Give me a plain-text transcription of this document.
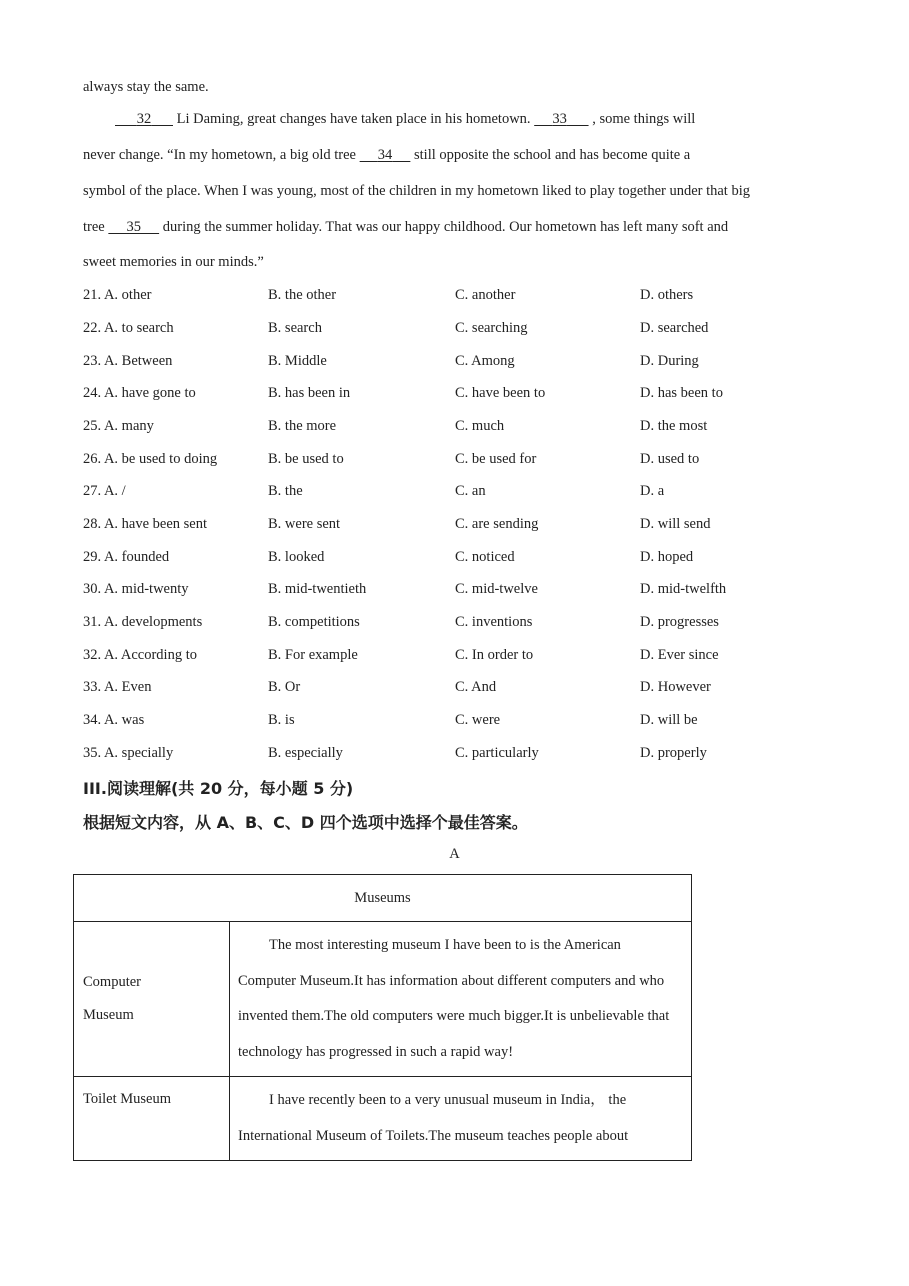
always stay the same.
32       Li Daming, great changes have taken place in his hometown.      33       , some things will
never change. “In my hometown, a big old tree      34      still opposite the school and has become quite a
symbol of the place. When I was young, most of the children in my hometown liked to play together under that big
tree      35      during the summer holiday. That was our happy childhood. Our hometown has left many soft and
sweet memories in our minds.”
21. A. other	B. the other	C. another	D. others
22. A. to search	B. search	C. searching	D. searched
23. A. Between	B. Middle	C. Among	D. During
24. A. have gone to	B. has been in	C. have been to	D. has been to
25. A. many	B. the more	C. much	D. the most
26. A. be used to doing	B. be used to	C. be used for	D. used to
27. A. /	B. the	C. an	D. a
28. A. have been sent	B. were sent	C. are sending	D. will send
29. A. founded	B. looked	C. noticed	D. hoped
30. A. mid-twenty	B. mid-twentieth	C. mid-twelve	D. mid-twelfth
31. A. developments	B. competitions	C. inventions	D. progresses
32. A. According to	B. For example	C. In order to	D. Ever since
33. A. Even	B. Or	C. And	D. However
34. A. was	B. is	C. were	D. will be
35. A. specially	B. especially	C. particularly	D. properly
III.阅读理解(共 20 分，每小题 5 分)
根据短文内容，从 A、B、C、D 四个选项中选择个最佳答案。
A
Museums	

Computer
Museum	The most interesting museum I have been to is the American Computer Museum.It has information about different computers and who invented them.The old computers were much bigger.It is unbelievable that technology has progressed in such a rapid way!

Toilet Museum	I have recently been to a very unusual museum in India， the International Museum of Toilets.The museum teaches people about
